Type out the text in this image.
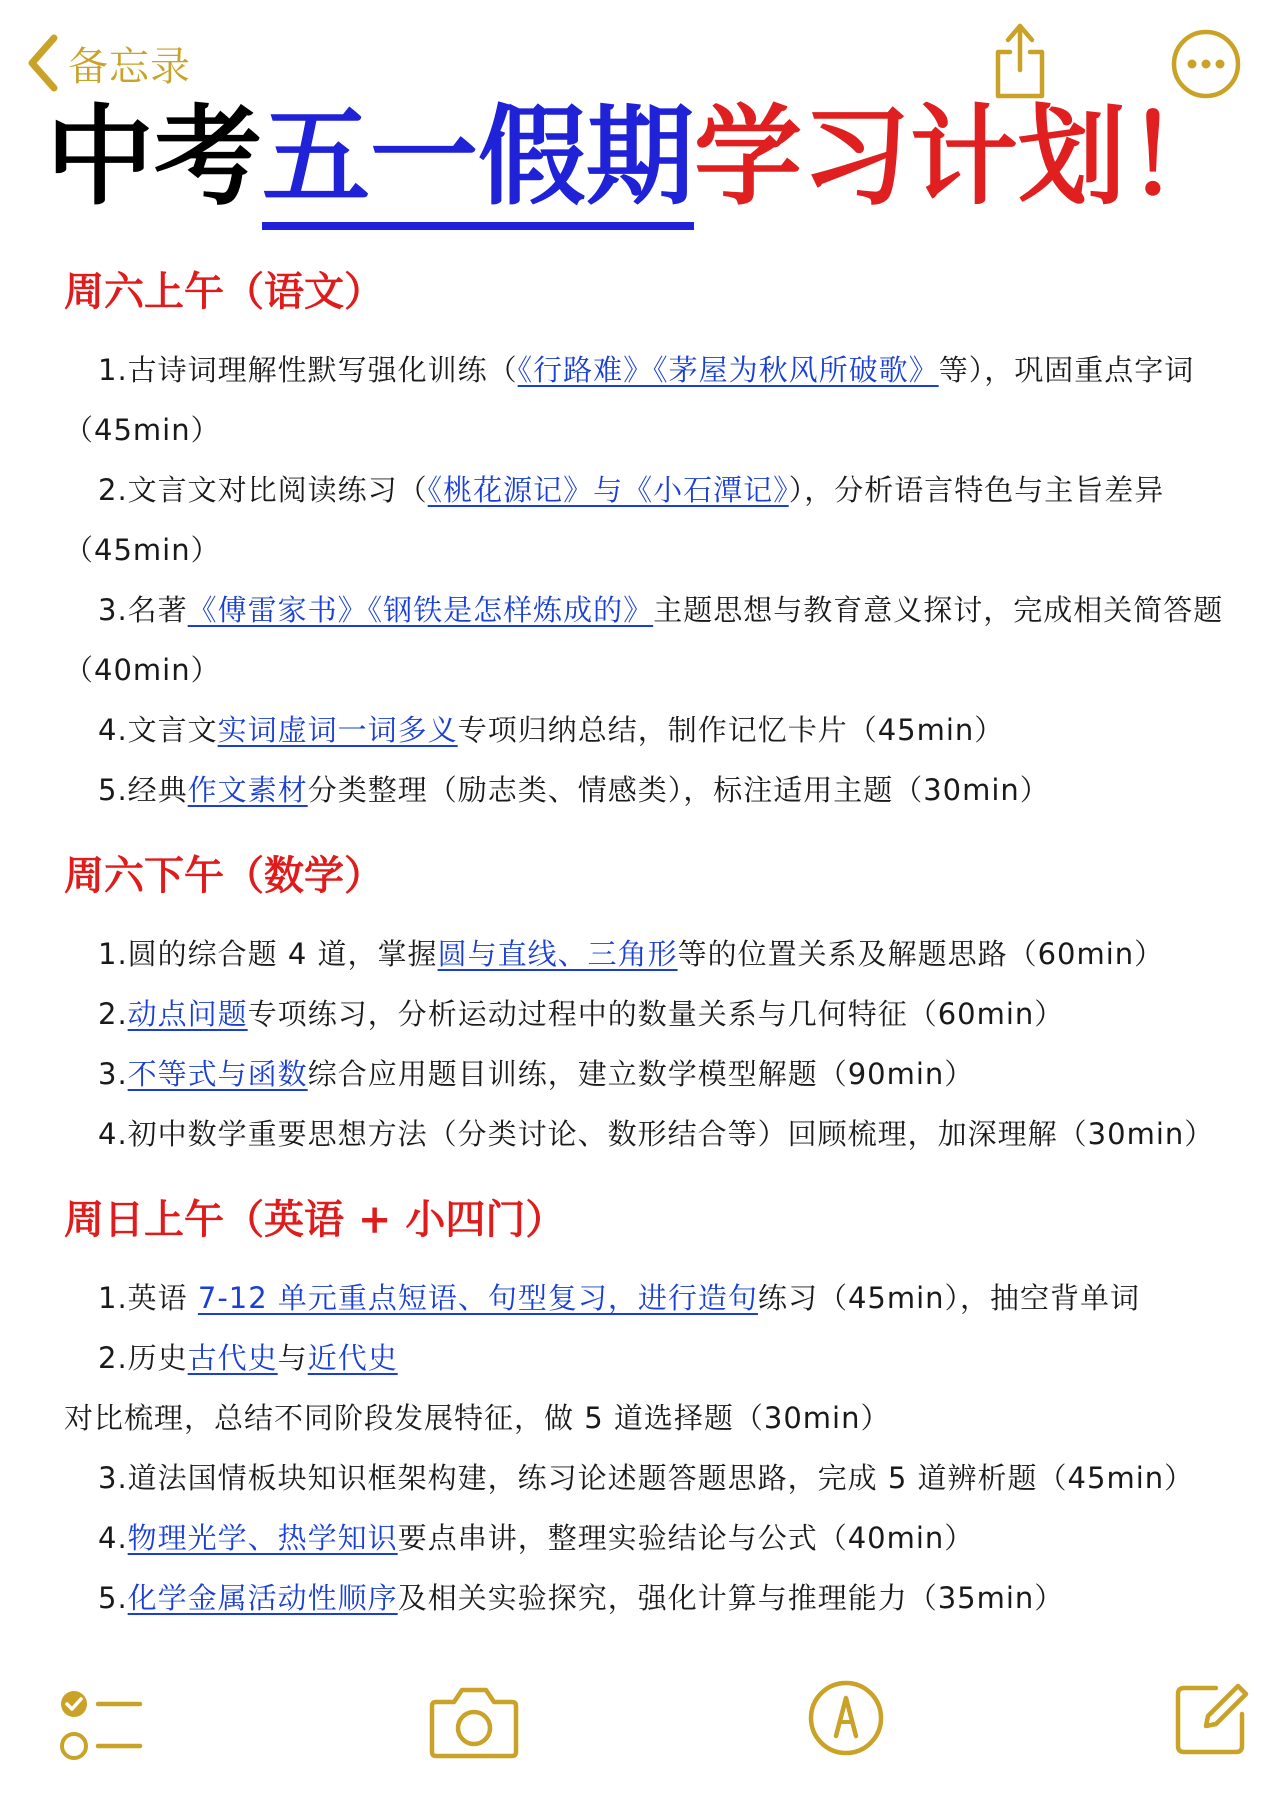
备忘录
中考五一假期学习计划！

周六上午（语文）

1.古诗词理解性默写强化训练（《行路难》《茅屋为秋风所破歌》等），巩固重点字词（45min）

2.文言文对比阅读练习（《桃花源记》与《小石潭记》），分析语言特色与主旨差异（45min）

3.名著《傅雷家书》《钢铁是怎样炼成的》主题思想与教育意义探讨，完成相关简答题（40min）

4.文言文实词虚词一词多义专项归纳总结，制作记忆卡片（45min）

5.经典作文素材分类整理（励志类、情感类），标注适用主题（30min）

周六下午（数学）

1.圆的综合题 4 道，掌握圆与直线、三角形等的位置关系及解题思路（60min）

2.动点问题专项练习，分析运动过程中的数量关系与几何特征（60min）

3.不等式与函数综合应用题目训练，建立数学模型解题（90min）

4.初中数学重要思想方法（分类讨论、数形结合等）回顾梳理，加深理解（30min）

周日上午（英语 + 小四门）

1.英语 7-12 单元重点短语、句型复习，进行造句练习（45min），抽空背单词

2.历史古代史与近代史对比梳理，总结不同阶段发展特征，做 5 道选择题（30min）

3.道法国情板块知识框架构建，练习论述题答题思路，完成 5 道辨析题（45min）

4.物理光学、热学知识要点串讲，整理实验结论与公式（40min）

5.化学金属活动性顺序及相关实验探究，强化计算与推理能力（35min）
